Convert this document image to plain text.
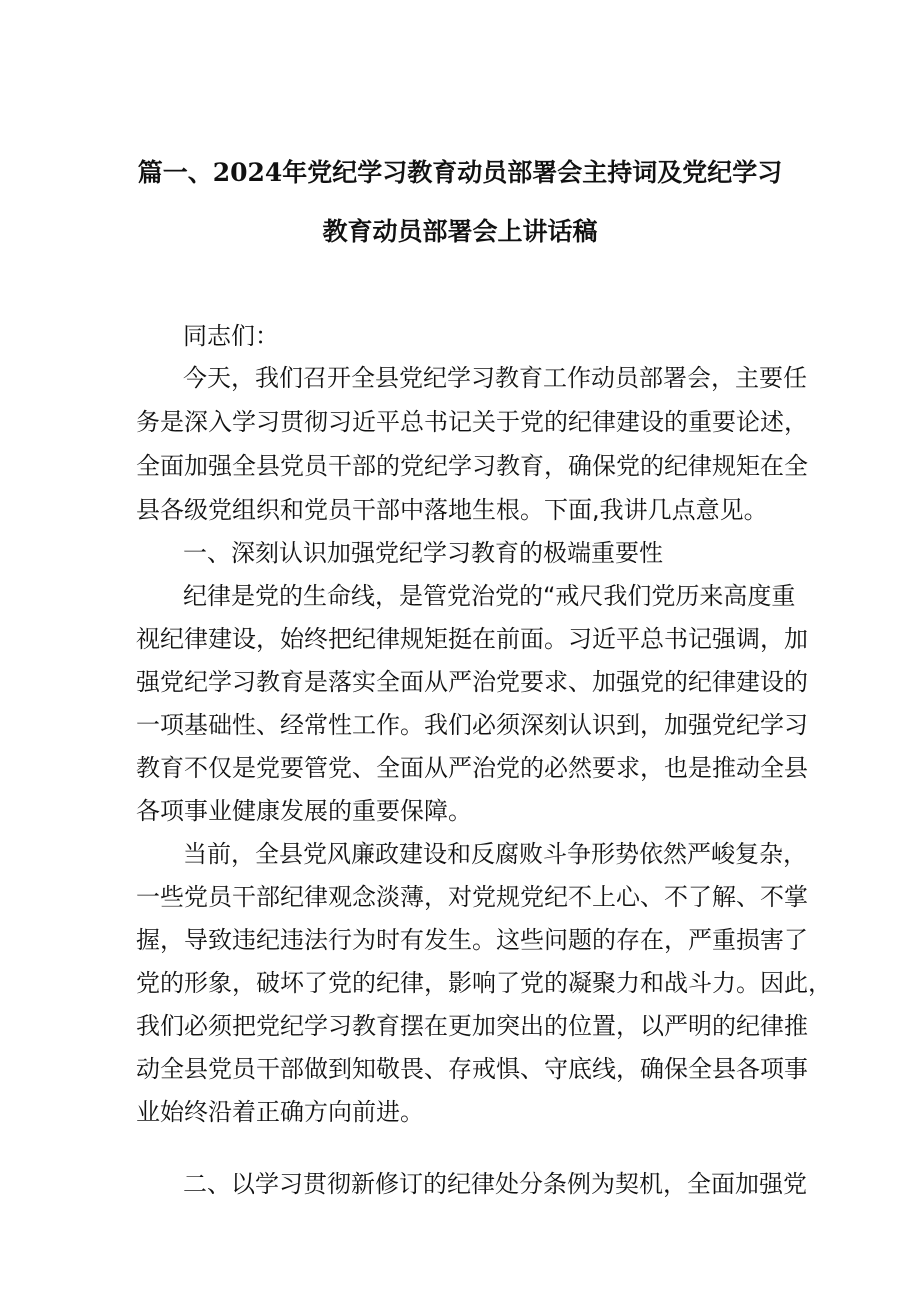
篇一、2024年党纪学习教育动员部署会主持词及党纪学习
教育动员部署会上讲话稿
同志们：
今天，我们召开全县党纪学习教育工作动员部署会，主要任
务是深入学习贯彻习近平总书记关于党的纪律建设的重要论述，
全面加强全县党员干部的党纪学习教育，确保党的纪律规矩在全
县各级党组织和党员干部中落地生根。下面,我讲几点意见。
一、深刻认识加强党纪学习教育的极端重要性
纪律是党的生命线，是管党治党的“戒尺我们党历来高度重
视纪律建设，始终把纪律规矩挺在前面。习近平总书记强调，加
强党纪学习教育是落实全面从严治党要求、加强党的纪律建设的
一项基础性、经常性工作。我们必须深刻认识到，加强党纪学习
教育不仅是党要管党、全面从严治党的必然要求，也是推动全县
各项事业健康发展的重要保障。
当前，全县党风廉政建设和反腐败斗争形势依然严峻复杂，
一些党员干部纪律观念淡薄，对党规党纪不上心、不了解、不掌
握，导致违纪违法行为时有发生。这些问题的存在，严重损害了
党的形象，破坏了党的纪律，影响了党的凝聚力和战斗力。因此，
我们必须把党纪学习教育摆在更加突出的位置，以严明的纪律推
动全县党员干部做到知敬畏、存戒惧、守底线，确保全县各项事
业始终沿着正确方向前进。
二、以学习贯彻新修订的纪律处分条例为契机，全面加强党
